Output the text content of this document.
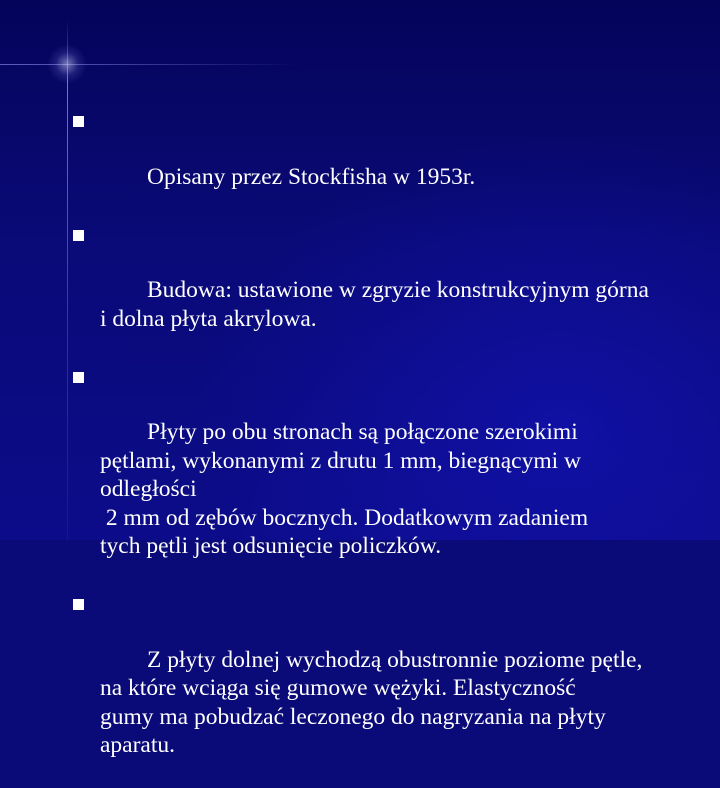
Opisany przez Stockfisha w 1953r.

Budowa: ustawione w zgryzie konstrukcyjnym górna
i dolna płyta akrylowa.

Płyty po obu stronach są połączone szerokimi
pętlami, wykonanymi z drutu 1 mm, biegnącymi w
odległości
2 mm od zębów bocznych. Dodatkowym zadaniem
tych pętli jest odsunięcie policzków.

Z płyty dolnej wychodzą obustronnie poziome pętle,
na które wciąga się gumowe wężyki. Elastyczność
gumy ma pobudzać leczonego do nagryzania na płyty
aparatu.
